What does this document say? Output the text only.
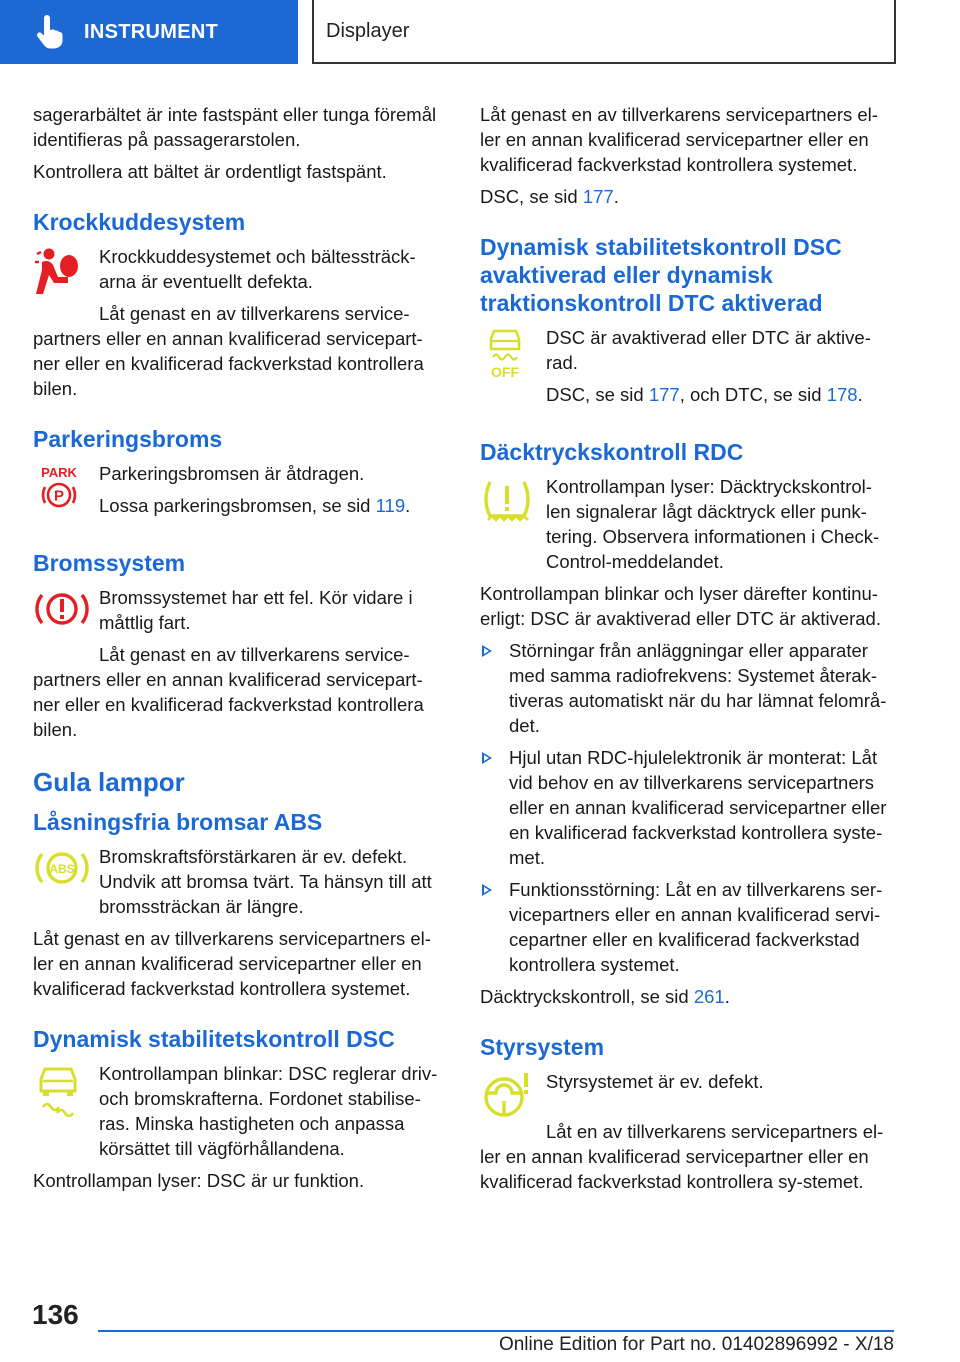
INSTRUMENT	Displayer

sagerarbältet är inte fastspänt eller tunga föremål identifieras på passagerarstolen.

Kontrollera att bältet är ordentligt fastspänt.

Krockkuddesystem

Krockkuddesystemet och bältessträck-arna är eventuellt defekta.

Låt genast en av tillverkarens service-partners eller en annan kvalificerad servicepart-ner eller en kvalificerad fackverkstad kontrollera bilen.

Parkeringsbroms
PARK
P

Parkeringsbromsen är åtdragen.

Lossa parkeringsbromsen, se sid 119.

Bromssystem

Bromssystemet har ett fel. Kör vidare i måttlig fart.

Låt genast en av tillverkarens service-partners eller en annan kvalificerad servicepart-ner eller en kvalificerad fackverkstad kontrollera bilen.

Gula lampor
Låsningsfria bromsar ABS
ABS

Bromskraftsförstärkaren är ev. defekt. Undvik att bromsa tvärt. Ta hänsyn till att bromssträckan är längre.

Låt genast en av tillverkarens servicepartners el-ler en annan kvalificerad servicepartner eller en kvalificerad fackverkstad kontrollera systemet.

Dynamisk stabilitetskontroll DSC

Kontrollampan blinkar: DSC reglerar driv- och bromskrafterna. Fordonet stabilise-ras. Minska hastigheten och anpassa körsättet till vägförhållandena.

Kontrollampan lyser: DSC är ur funktion.

Låt genast en av tillverkarens servicepartners el-ler en annan kvalificerad servicepartner eller en kvalificerad fackverkstad kontrollera systemet.

DSC, se sid 177.

Dynamisk stabilitetskontroll DSC avaktiverad eller dynamisk traktionskontroll DTC aktiverad
OFF

DSC är avaktiverad eller DTC är aktive-rad.

DSC, se sid 177, och DTC, se sid 178.

Däcktryckskontroll RDC

Kontrollampan lyser: Däcktryckskontrol-len signalerar lågt däcktryck eller punk-tering. Observera informationen i Check-Control-meddelandet.

Kontrollampan blinkar och lyser därefter kontinu-erligt: DSC är avaktiverad eller DTC är aktiverad.

Störningar från anläggningar eller apparater med samma radiofrekvens: Systemet återak-tiveras automatiskt när du har lämnat felområ-det.
Hjul utan RDC-hjulelektronik är monterat: Låt vid behov en av tillverkarens servicepartners eller en annan kvalificerad servicepartner eller en kvalificerad fackverkstad kontrollera syste-met.
Funktionsstörning: Låt en av tillverkarens ser-vicepartners eller en annan kvalificerad servi-cepartner eller en kvalificerad fackverkstad kontrollera systemet.

Däcktryckskontroll, se sid 261.

Styrsystem

Styrsystemet är ev. defekt.

Låt en av tillverkarens servicepartners el-ler en annan kvalificerad servicepartner eller en kvalificerad fackverkstad kontrollera sy-stemet.

136
Online Edition for Part no. 01402896992 - X/18
